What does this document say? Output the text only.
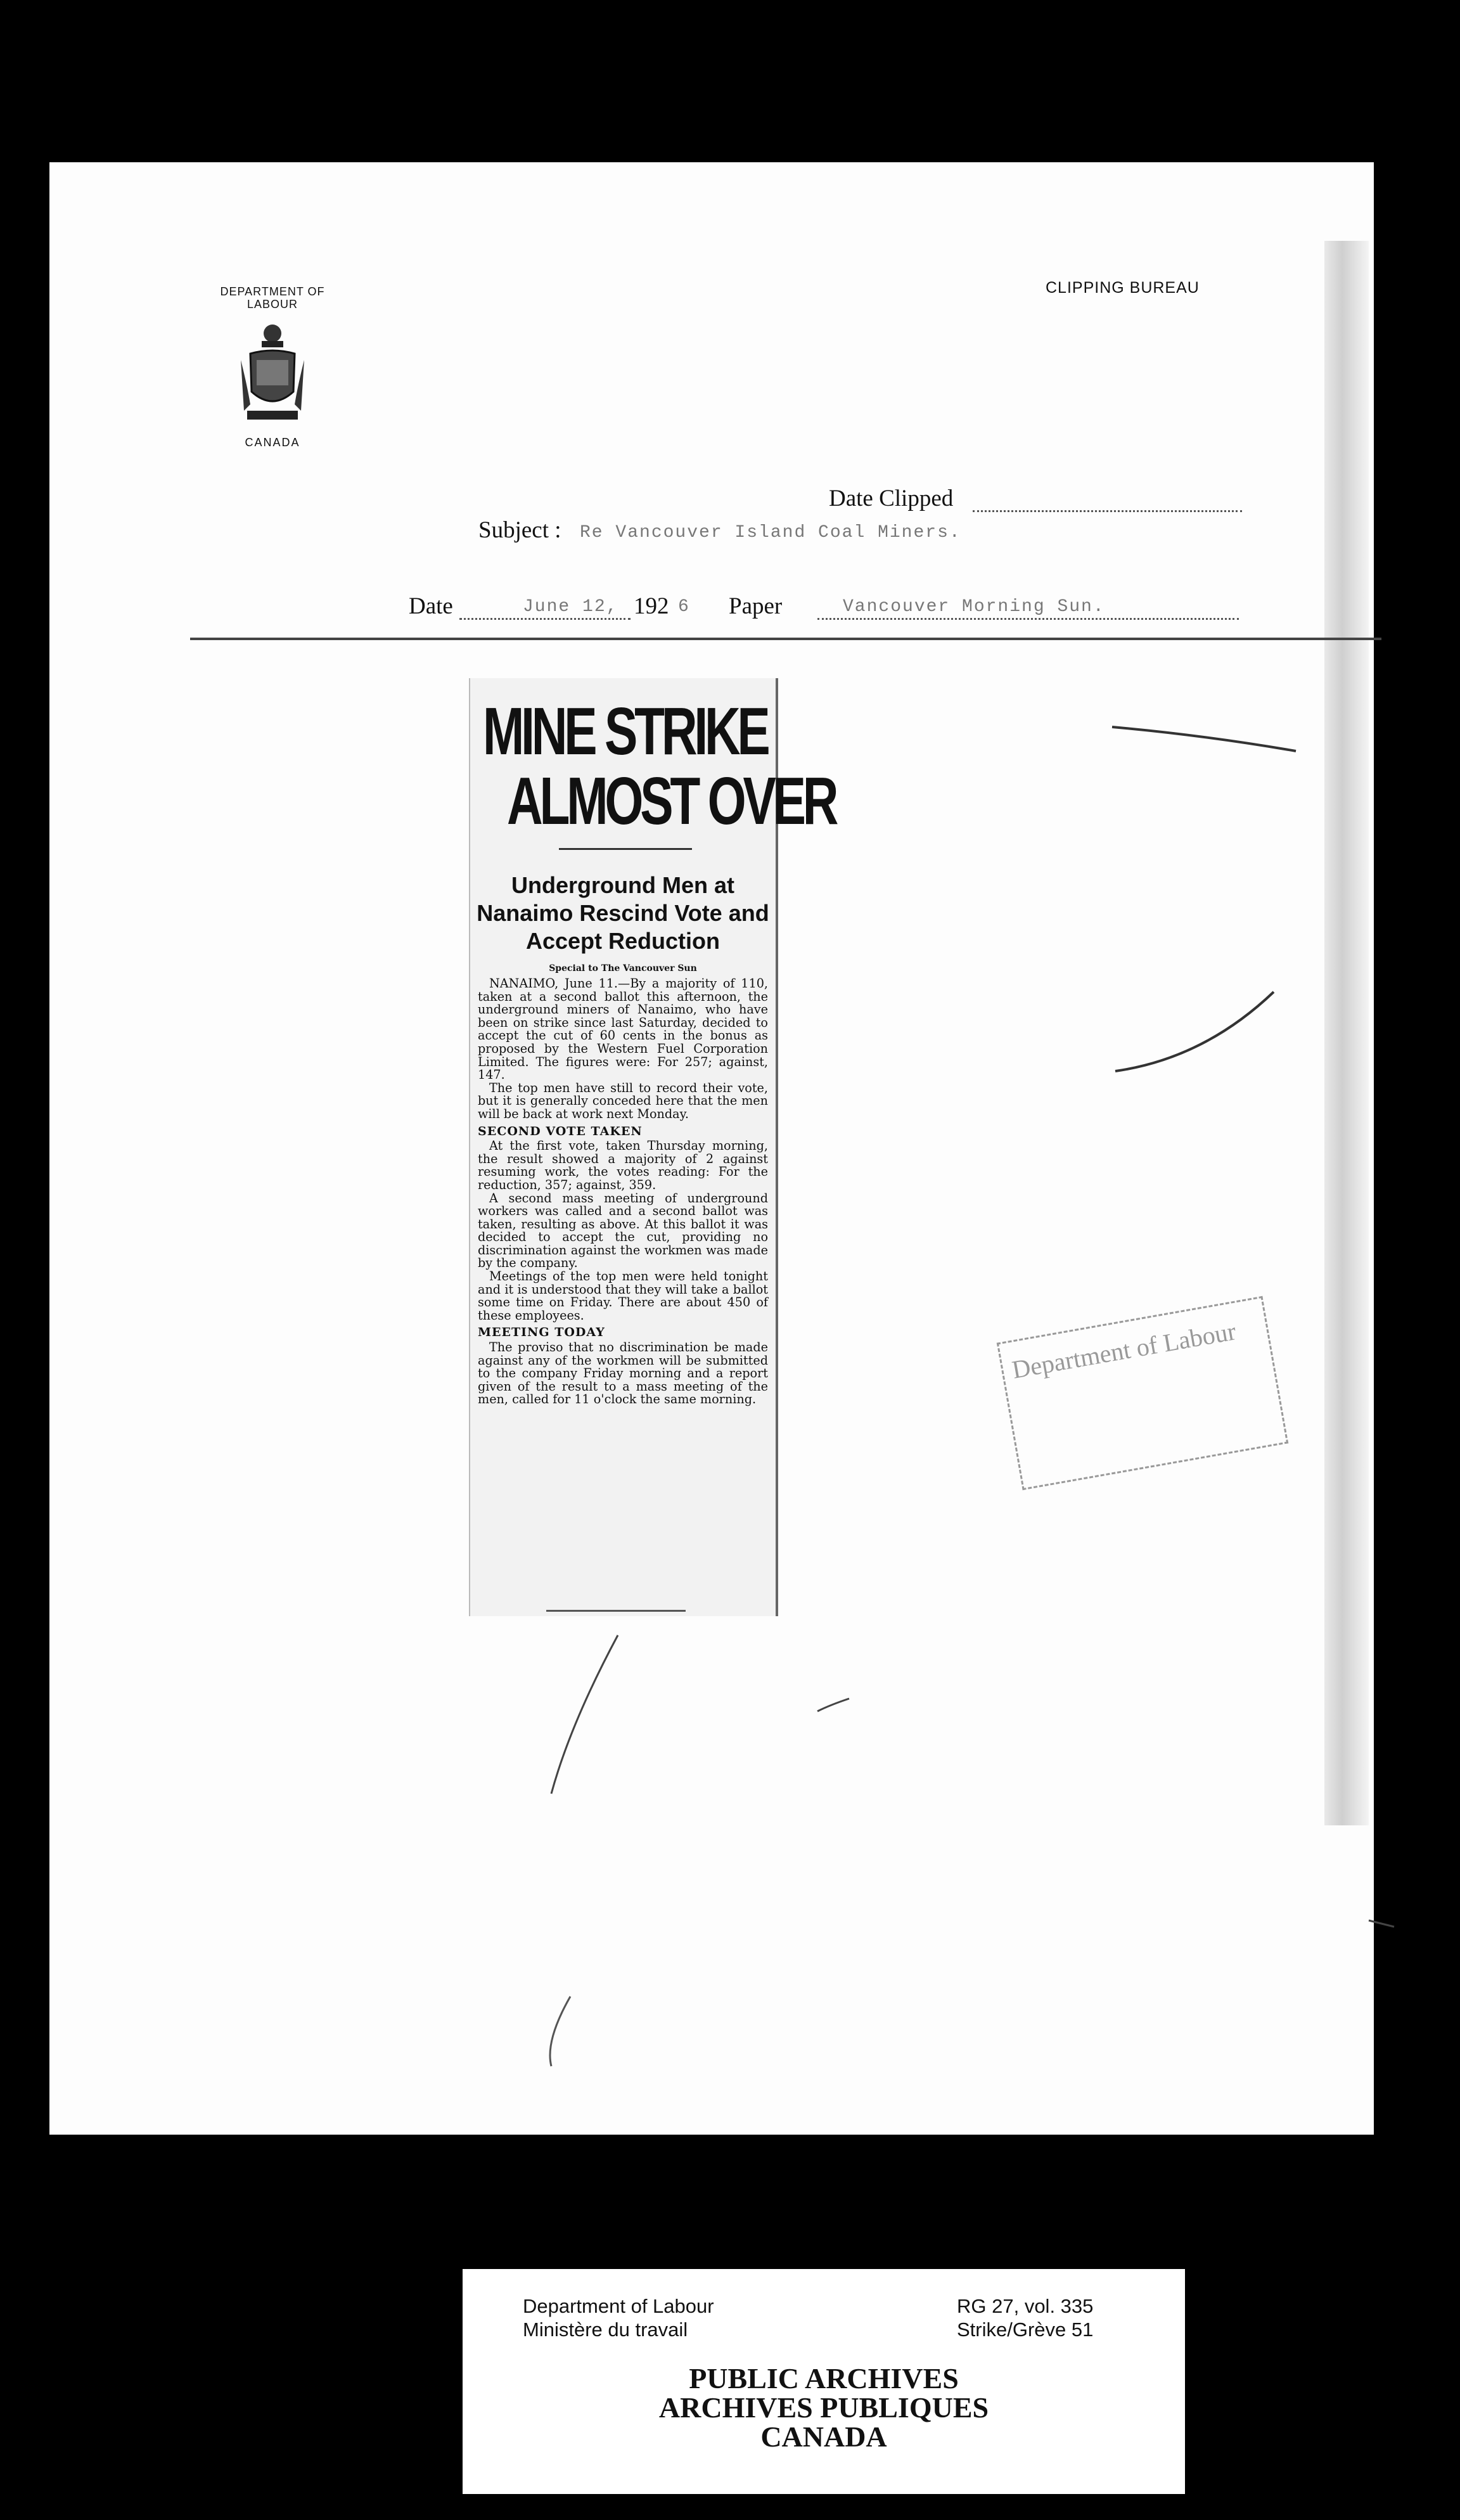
DEPARTMENT OF
LABOUR
CANADA
CLIPPING BUREAU
Date Clipped
Subject : Re Vancouver Island Coal Miners.
Date	June 12, 192 6 Paper	Vancouver Morning Sun.
MINE STRIKE
ALMOST OVER
Underground Men at Nanaimo Rescind Vote and Accept Reduction
Special to The Vancouver Sun

NANAIMO, June 11.—By a majority of 110, taken at a second ballot this afternoon, the underground miners of Nanaimo, who have been on strike since last Saturday, decided to accept the cut of 60 cents in the bonus as proposed by the Western Fuel Corporation Limited. The figures were: For 257; against, 147.

The top men have still to record their vote, but it is generally conceded here that the men will be back at work next Monday.

SECOND VOTE TAKEN

At the first vote, taken Thursday morning, the result showed a majority of 2 against resuming work, the votes reading: For the reduction, 357; against, 359.

A second mass meeting of underground workers was called and a second ballot was taken, resulting as above. At this ballot it was decided to accept the cut, providing no discrimination against the workmen was made by the company.

Meetings of the top men were held tonight and it is understood that they will take a ballot some time on Friday. There are about 450 of these employees.

MEETING TODAY

The proviso that no discrimination be made against any of the workmen will be submitted to the company Friday morning and a report given of the result to a mass meeting of the men, called for 11 o'clock the same morning.

Department of Labour
Department of Labour
Ministère du travail
RG 27, vol. 335
Strike/Grève 51
PUBLIC ARCHIVES
ARCHIVES PUBLIQUES
CANADA
